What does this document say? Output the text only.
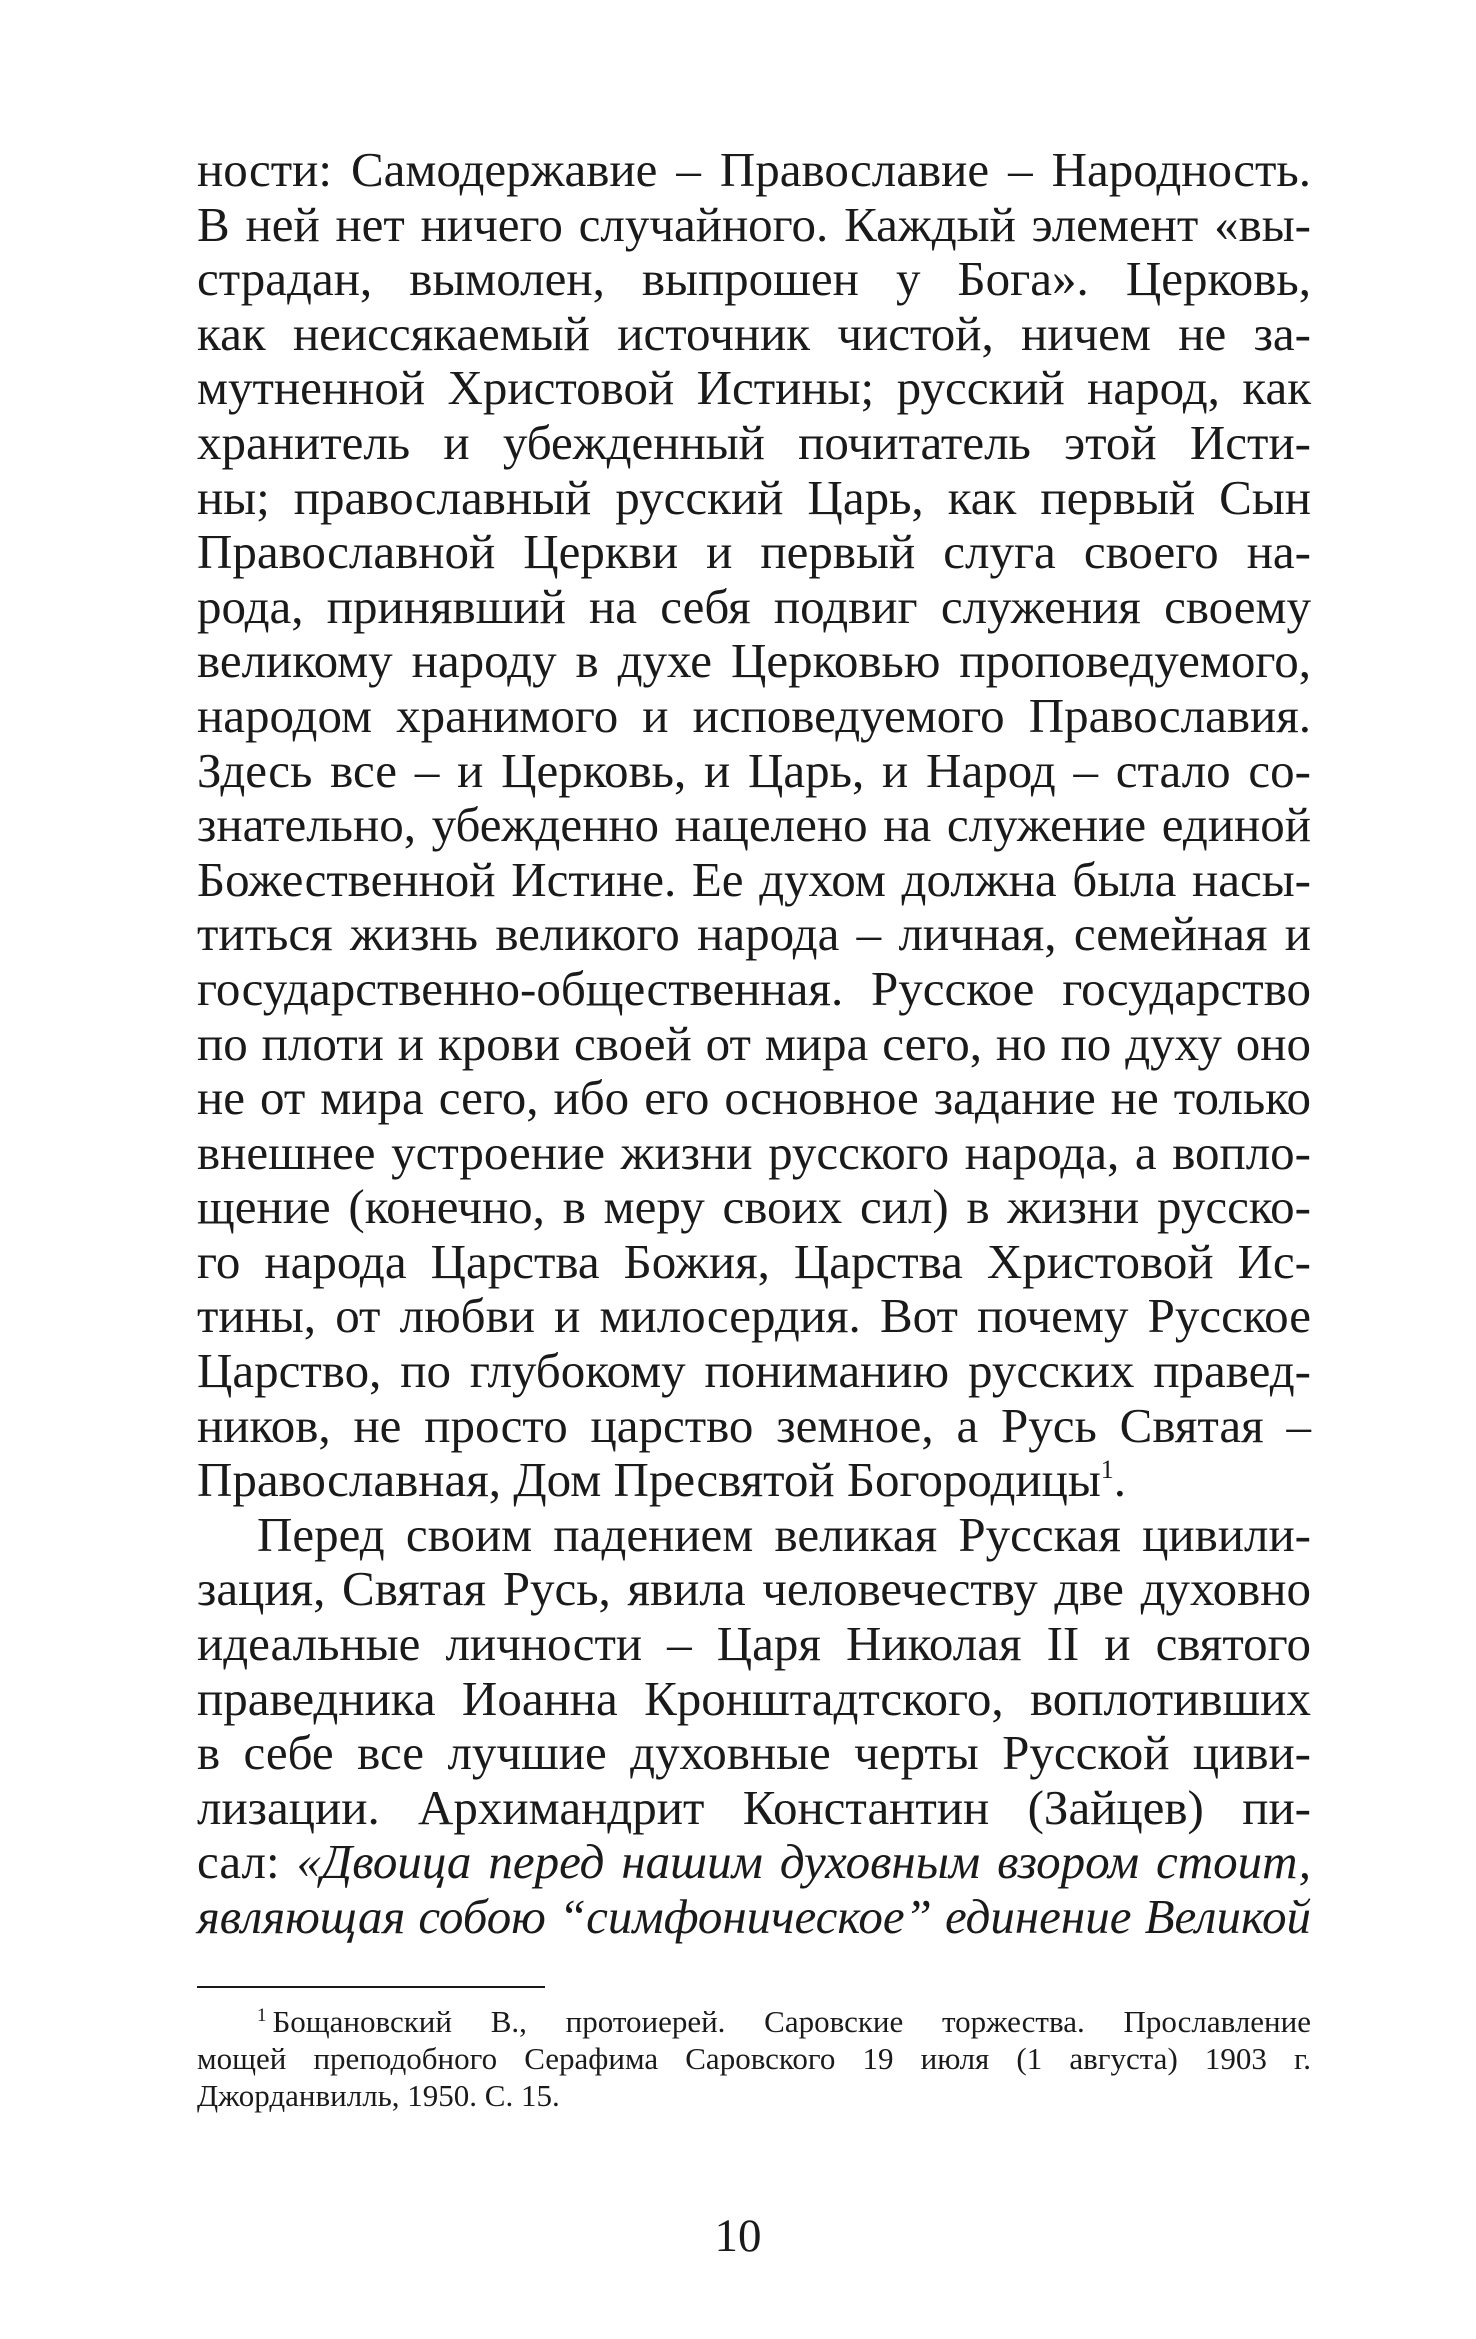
ности: Самодержавие – Православие – Народность.
В ней нет ничего случайного. Каждый элемент «вы-
страдан, вымолен, выпрошен у Бога». Церковь,
как неиссякаемый источник чистой, ничем не за-
мутненной Христовой Истины; русский народ, как
хранитель и убежденный почитатель этой Исти-
ны; православный русский Царь, как первый Сын
Православной Церкви и первый слуга своего на-
рода, принявший на себя подвиг служения своему
великому народу в духе Церковью проповедуемого,
народом хранимого и исповедуемого Православия.
Здесь все – и Церковь, и Царь, и Народ – стало со-
знательно, убежденно нацелено на служение единой
Божественной Истине. Ее духом должна была насы-
титься жизнь великого народа – личная, семейная и
государственно-общественная. Русское государство
по плоти и крови своей от мира сего, но по духу оно
не от мира сего, ибо его основное задание не только
внешнее устроение жизни русского народа, а вопло-
щение (конечно, в меру своих сил) в жизни русско-
го народа Царства Божия, Царства Христовой Ис-
тины, от любви и милосердия. Вот почему Русское
Царство, по глубокому пониманию русских правед-
ников, не просто царство земное, а Русь Святая –
Православная, Дом Пресвятой Богородицы$^1$.
Перед своим падением великая Русская цивили-
зация, Святая Русь, явила человечеству две духовно
идеальные личности – Царя Николая II и святого
праведника Иоанна Кронштадтского, воплотивших
в себе все лучшие духовные черты Русской циви-
лизации. Архимандрит Константин (Зайцев) пи-
сал: «Двоица перед нашим духовным взором стоит,
являющая собою “симфоническое” единение Великой
$^1$ Бощановский В., протоиерей. Саровские торжества. Прославление
мощей преподобного Серафима Саровского 19 июля (1 августа) 1903 г.
Джорданвилль, 1950. С. 15.
10
